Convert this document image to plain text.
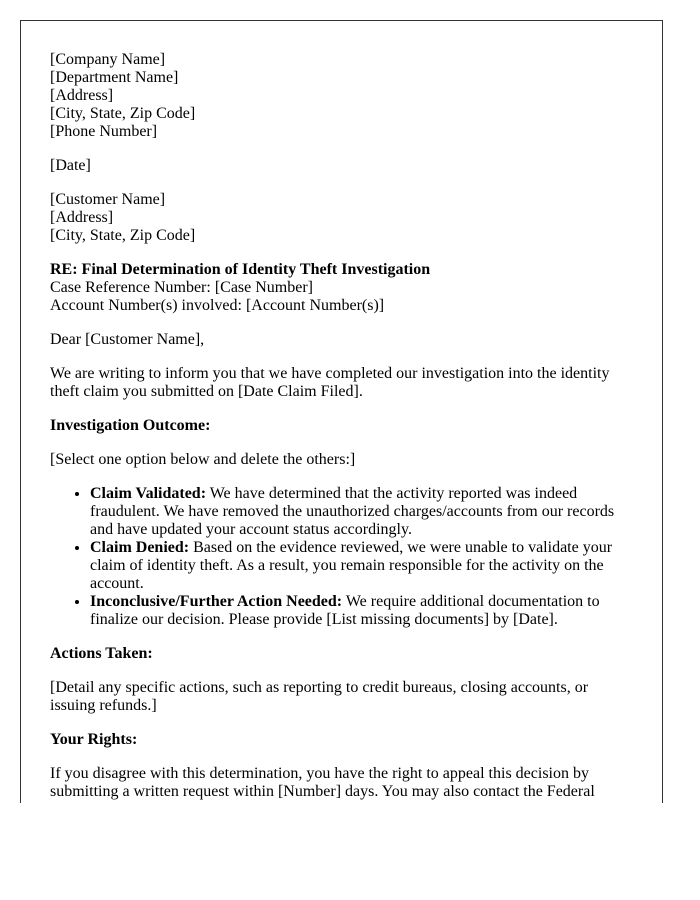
[Company Name]
[Department Name]
[Address]
[City, State, Zip Code]
[Phone Number]

[Date]

[Customer Name]
[Address]
[City, State, Zip Code]

RE: Final Determination of Identity Theft Investigation
Case Reference Number: [Case Number]
Account Number(s) involved: [Account Number(s)]

Dear [Customer Name],

We are writing to inform you that we have completed our investigation into the identity theft claim you submitted on [Date Claim Filed].

Investigation Outcome:

[Select one option below and delete the others:]

• Claim Validated: We have determined that the activity reported was indeed fraudulent. We have removed the unauthorized charges/accounts from our records and have updated your account status accordingly.
• Claim Denied: Based on the evidence reviewed, we were unable to validate your claim of identity theft. As a result, you remain responsible for the activity on the account.
• Inconclusive/Further Action Needed: We require additional documentation to finalize our decision. Please provide [List missing documents] by [Date].

Actions Taken:

[Detail any specific actions, such as reporting to credit bureaus, closing accounts, or issuing refunds.]

Your Rights:

If you disagree with this determination, you have the right to appeal this decision by submitting a written request within [Number] days. You may also contact the Federal
